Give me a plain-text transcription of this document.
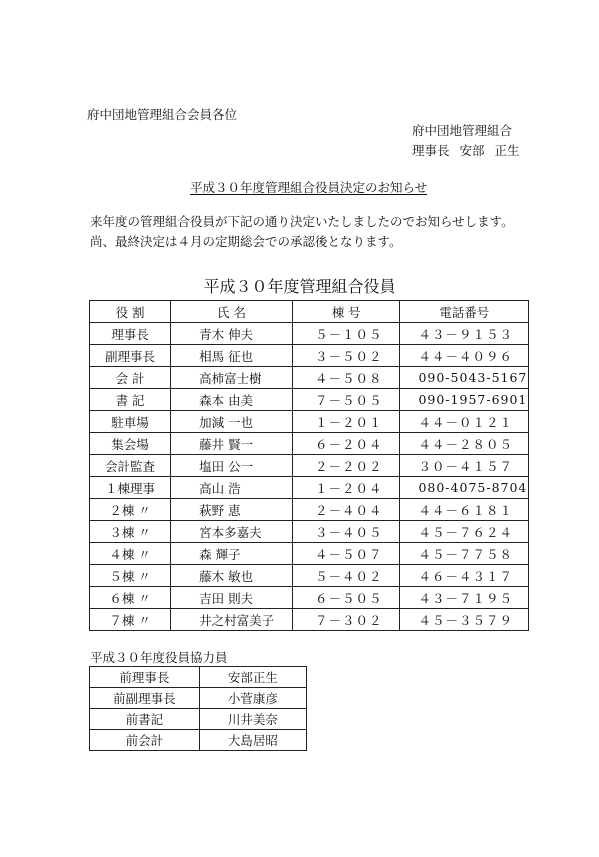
府中団地管理組合会員各位
府中団地管理組合
理事長 安部 正生
平成３０年度管理組合役員決定のお知らせ
来年度の管理組合役員が下記の通り決定いたしましたのでお知らせします。
尚、最終決定は４月の定期総会での承認後となります。
平成３０年度管理組合役員
役 割	氏 名	棟 号	電話番号
理事長	青木 伸夫	５－１０５	４３－９１５３
副理事長	相馬 征也	３－５０２	４４－４０９６
会 計	高柿富士樹	４－５０８	090-5043-5167
書 記	森本 由美	７－５０５	090-1957-6901
駐車場	加減 一也	１－２０１	４４－０１２１
集会場	藤井 賢一	６－２０４	４４－２８０５
会計監査	塩田 公一	２－２０２	３０－４１５７
１棟理事	高山 浩	１－２０４	080-4075-8704
２棟 〃	萩野 恵	２－４０４	４４－６１８１
３棟 〃	宮本多嘉夫	３－４０５	４５－７６２４
４棟 〃	森 輝子	４－５０７	４５－７７５８
５棟 〃	藤木 敏也	５－４０２	４６－４３１７
６棟 〃	吉田 則夫	６－５０５	４３－７１９５
７棟 〃	井之村富美子	７－３０２	４５－３５７９
平成３０年度役員協力員
前理事長	安部正生
前副理事長	小菅康彦
前書記	川井美奈
前会計	大島居昭
